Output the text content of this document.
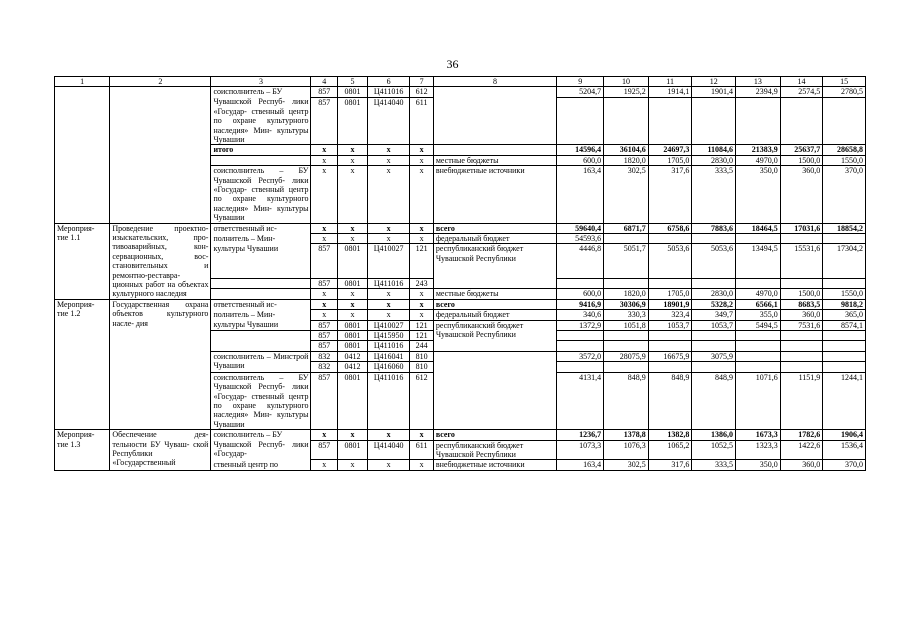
36
1	2	3	4	5	6	7	8	9	10	11	12	13	14	15
		соисполнитель – БУ	857	0801	Ц411016	612		5204,7	1925,2	1914,1	1901,4	2394,9	2574,5	2780,5
		Чувашской Респуб- лики «Государ- ственный центр по охране культурного наследия» Мин- культуры Чувашии	857	0801	Ц414040	611								
		итого	x	x	x	x		14596,4	36104,6	24697,3	11084,6	21383,9	25637,7	28658,8
			x	x	x	x	местные бюджеты	600,0	1820,0	1705,0	2830,0	4970,0	1500,0	1550,0
		соисполнитель – БУ Чувашской Респуб- лики «Государ- ственный центр по охране культурного наследия» Мин- культуры Чувашии	x	x	x	x	внебюджетные источники	163,4	302,5	317,6	333,5	350,0	360,0	370,0
Мероприя- тие 1.1	Проведение проектно- изыскательских, про- тивоаварийных, кон- сервационных, вос- становительных и ремонтно-реставра- ционных работ на объектах культурного наследия	ответственный ис-	x	x	x	x	всего	59640,4	6871,7	6758,6	7883,6	18464,5	17031,6	18854,2
		полнитель – Мин-	x	x	x	x	федеральный бюджет	54593,6						
		культуры Чувашии	857	0801	Ц410027	121	республиканский бюджет Чувашской Республики	4446,8	5051,7	5053,6	5053,6	13494,5	15531,6	17304,2
			857	0801	Ц411016	243								
			x	x	x	x	местные бюджеты	600,0	1820,0	1705,0	2830,0	4970,0	1500,0	1550,0
Мероприя- тие 1.2	Государственная охрана объектов культурного насле- дия	ответственный ис-	x	x	x	x	всего	9416,9	30306,9	18901,9	5328,2	6566,1	8683,5	9818,2
		полнитель – Мин-	x	x	x	x	федеральный бюджет	340,6	330,3	323,4	349,7	355,0	360,0	365,0
		культуры Чувашии	857	0801	Ц410027	121	республиканский бюджет Чувашской Республики	1372,9	1051,8	1053,7	1053,7	5494,5	7531,6	8574,1
			857	0801	Ц415950	121								
			857	0801	Ц411016	244								
		соисполнитель – Минстрой Чувашии	832	0412	Ц416041	810		3572,0	28075,9	16675,9	3075,9			
			832	0412	Ц416060	810								
		соисполнитель – БУ Чувашской Респуб- лики «Государ- ственный центр по охране культурного наследия» Мин- культуры Чувашии	857	0801	Ц411016	612		4131,4	848,9	848,9	848,9	1071,6	1151,9	1244,1
Мероприя- тие 1.3	Обеспечение дея- тельности БУ Чуваш- ской Республики «Государственный	соисполнитель – БУ	x	x	x	x	всего	1236,7	1378,8	1382,8	1386,0	1673,3	1782,6	1906,4
		Чувашской Респуб- лики «Государ-	857	0801	Ц414040	611	республиканский бюджет Чувашской Республики	1073,3	1076,3	1065,2	1052,5	1323,3	1422,6	1536,4
		ственный центр по	x	x	x	x	внебюджетные источники	163,4	302,5	317,6	333,5	350,0	360,0	370,0
